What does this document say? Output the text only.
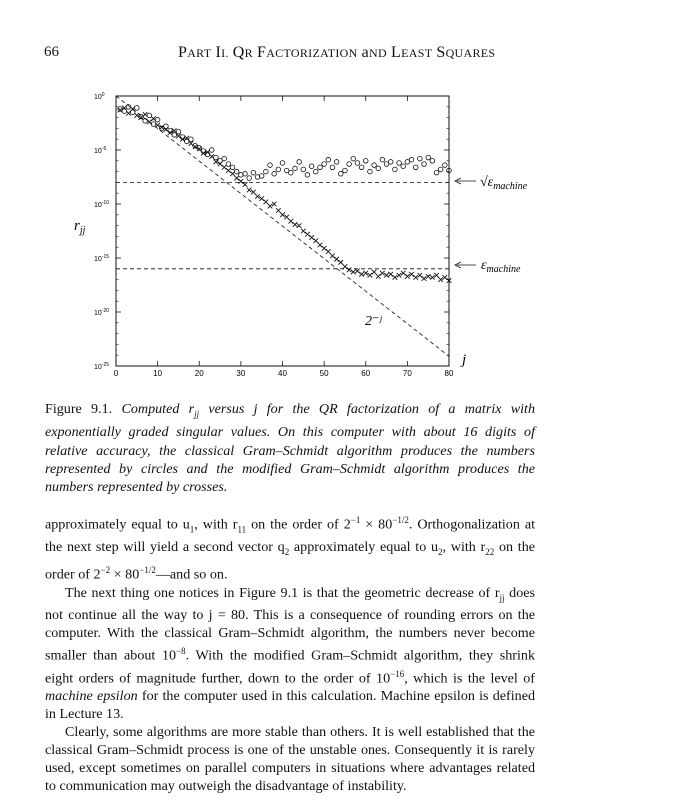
66	PART II. QR FACTORIZATION aND LEAST SQUARES
$10^0$
$10^{-5}$
$10^{-10}$
$10^{-15}$
$10^{-20}$
$10^{-25}$
0	10	20	30	40	50	60	70	80
$√\varepsilon_{machine}$
$\varepsilon_{machine}$
2⁻ʲ
j
$r_{jj}$
Figure 9.1. Computed $r_{jj}$ versus j for the QR factorization of a matrix with exponentially graded singular values. On this computer with about 16 digits of relative accuracy, the classical Gram–Schmidt algorithm produces the numbers represented by circles and the modified Gram–Schmidt algorithm produces the numbers represented by crosses.

approximately equal to $u_1$, with $r_{11}$ on the order of $2^{-1} \times 80^{-1/2}$. Orthogonalization at the next step will yield a second vector $q_2$ approximately equal to $u_2$, with $r_{22}$ on the order of $2^{-2}$ × $80^{-1/2}—and$ so on.

The next thing one notices in Figure 9.1 is that the geometric decrease of $r_{jj}$ does not continue all the way to j = 80. This is a consequence of rounding errors on the computer. With the classical Gram–Schmidt algorithm, the numbers never become smaller than about $10^{-8}$. With the modified Gram–Schmidt algorithm, they shrink eight orders of magnitude further, down to the order of $10^{-16}$, which is the level of machine epsilon for the computer used in this calculation. Machine epsilon is defined in Lecture 13.

Clearly, some algorithms are more stable than others. It is well established that the classical Gram–Schmidt process is one of the unstable ones. Consequently it is rarely used, except sometimes on parallel computers in situations where advantages related to communication may outweigh the disadvantage of instability.
